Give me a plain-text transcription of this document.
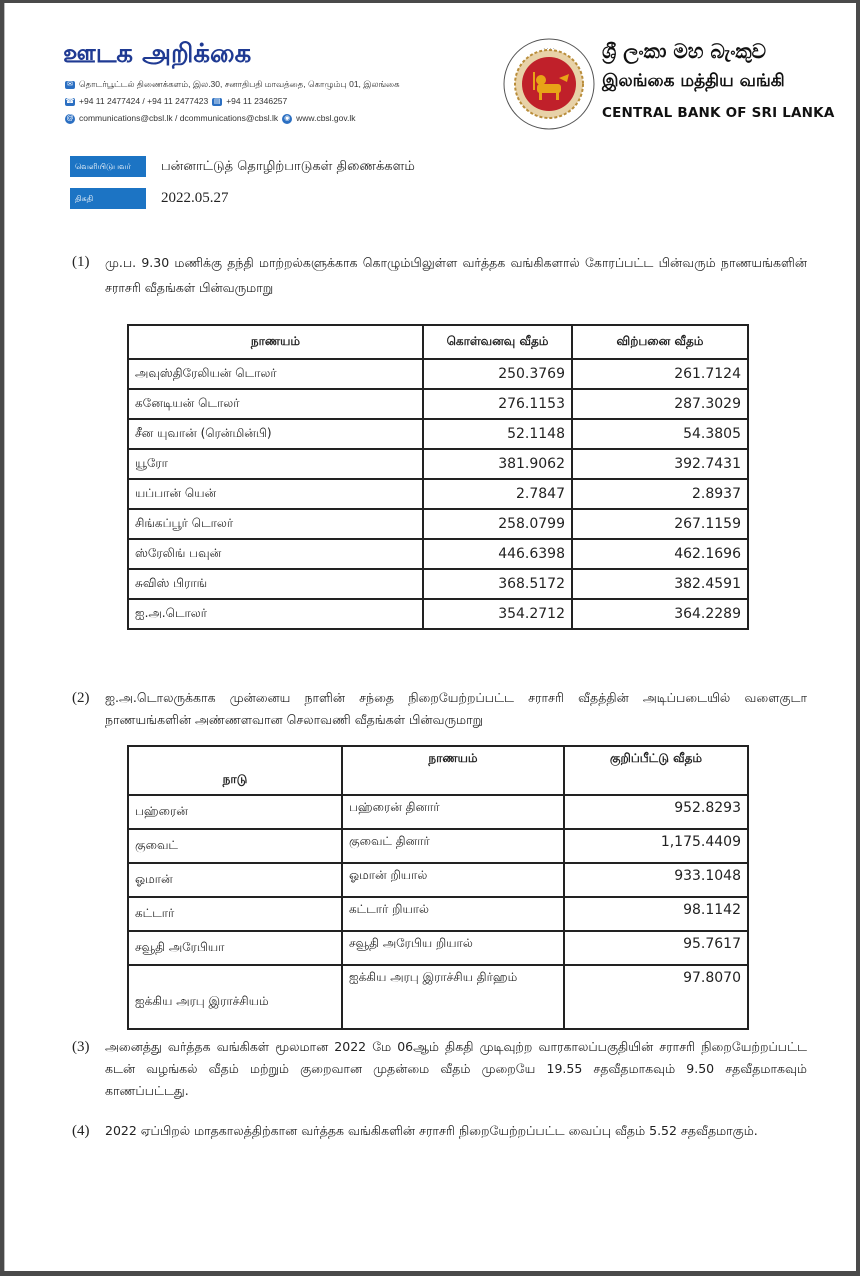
ஊடக அறிக்கை
✉ தொடர்பூட்டல் திணைக்களம், இல.30, சனாதிபதி மாவத்தை, கொழும்பு 01, இலங்கை
☎ +94 11 2477424 / +94 11 2477423 ▤ +94 11 2346257
@ communications@cbsl.lk / dcommunications@cbsl.lk ◉ www.cbsl.gov.lk
· · · · ශ්‍රී ලංකා මහ බැංකුව
இலங்கை மத்திய வங்கி
CENTRAL BANK OF SRI LANKA
வெளியிடுபவர்	பன்னாட்டுத் தொழிற்பாடுகள் திணைக்களம்
திகதி	2022.05.27
(1)	மு.ப. 9.30 மணிக்கு தந்தி மாற்றல்களுக்காக கொழும்பிலுள்ள வர்த்தக வங்கிகளால் கோரப்பட்ட பின்வரும் நாணயங்களின் சராசரி வீதங்கள் பின்வருமாறு
நாணயம்	கொள்வனவு வீதம்	விற்பனை வீதம்
அவுஸ்திரேலியன் டொலர்	250.3769	261.7124
கனேடியன் டொலர்	276.1153	287.3029
சீன யுவான் (ரென்மின்பி)	52.1148	54.3805
யூரோ	381.9062	392.7431
யப்பான் யென்	2.7847	2.8937
சிங்கப்பூர் டொலர்	258.0799	267.1159
ஸ்ரேலிங் பவுன்	446.6398	462.1696
சுவிஸ் பிராங்	368.5172	382.4591
ஐ.அ.டொலர்	354.2712	364.2289
(2)	ஐ.அ.டொலருக்காக முன்னைய நாளின் சந்தை நிறையேற்றப்பட்ட சராசரி வீதத்தின் அடிப்படையில் வளைகுடா நாணயங்களின் அண்ணளவான செலாவணி வீதங்கள் பின்வருமாறு
நாடு	நாணயம்	குறிப்பீட்டு வீதம்
பஹ்ரைன்	பஹ்ரைன் தினார்	952.8293
குவைட்	குவைட் தினார்	1,175.4409
ஓமான்	ஓமான் றியால்	933.1048
கட்டார்	கட்டார் றியால்	98.1142
சவூதி அரேபியா	சவூதி அரேபிய றியால்	95.7617
ஐக்கிய அரபு இராச்சியம்	ஐக்கிய அரபு இராச்சிய திர்ஹம்	97.8070
(3)	அனைத்து வர்த்தக வங்கிகள் மூலமான 2022 மே 06ஆம் திகதி முடிவுற்ற வாரகாலப்பகுதியின் சராசரி நிறையேற்றப்பட்ட கடன் வழங்கல் வீதம் மற்றும் குறைவான முதன்மை வீதம் முறையே 19.55 சதவீதமாகவும் 9.50 சதவீதமாகவும் காணப்பட்டது.
(4)	2022 ஏப்பிறல் மாதகாலத்திற்கான வர்த்தக வங்கிகளின் சராசரி நிறையேற்றப்பட்ட வைப்பு வீதம் 5.52 சதவீதமாகும்.
